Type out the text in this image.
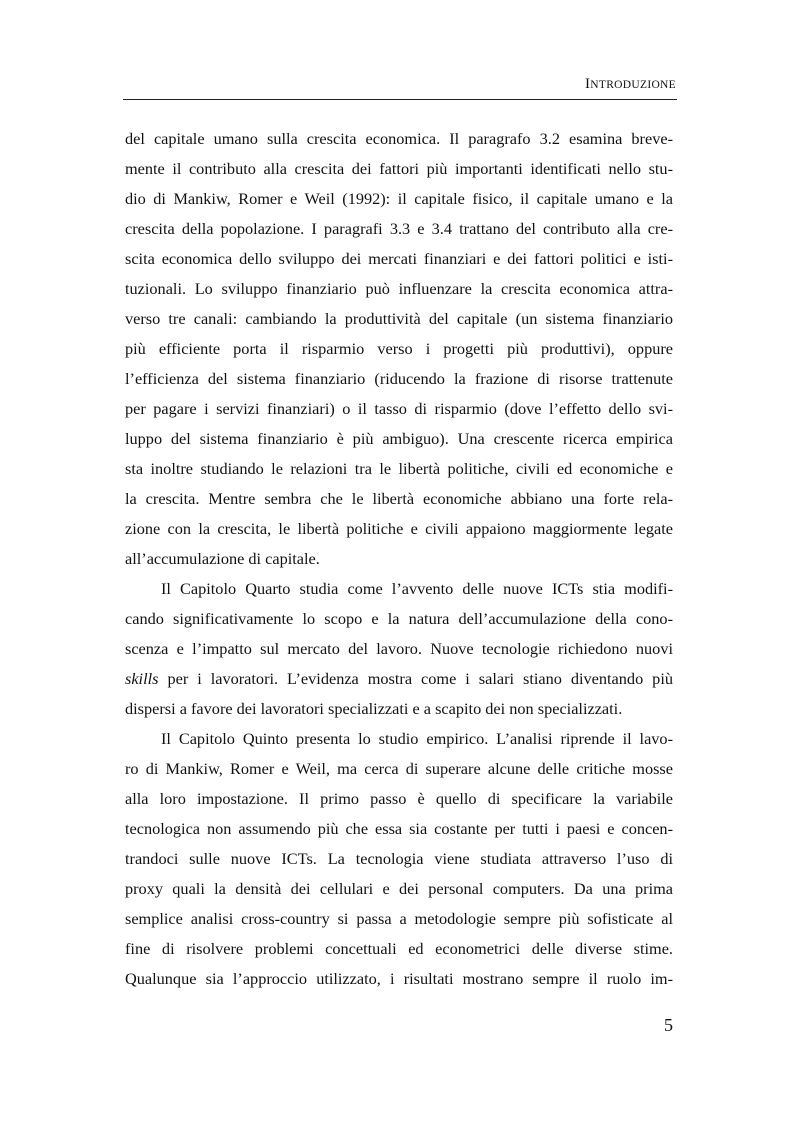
INTRODUZIONE

del capitale umano sulla crescita economica. Il paragrafo 3.2 esamina breve-
mente il contributo alla crescita dei fattori più importanti identificati nello stu-
dio di Mankiw, Romer e Weil (1992): il capitale fisico, il capitale umano e la
crescita della popolazione. I paragrafi 3.3 e 3.4 trattano del contributo alla cre-
scita economica dello sviluppo dei mercati finanziari e dei fattori politici e isti-
tuzionali. Lo sviluppo finanziario può influenzare la crescita economica attra-
verso tre canali: cambiando la produttività del capitale (un sistema finanziario
più efficiente porta il risparmio verso i progetti più produttivi), oppure
l’efficienza del sistema finanziario (riducendo la frazione di risorse trattenute
per pagare i servizi finanziari) o il tasso di risparmio (dove l’effetto dello svi-
luppo del sistema finanziario è più ambiguo). Una crescente ricerca empirica
sta inoltre studiando le relazioni tra le libertà politiche, civili ed economiche e
la crescita. Mentre sembra che le libertà economiche abbiano una forte rela-
zione con la crescita, le libertà politiche e civili appaiono maggiormente legate
all’accumulazione di capitale.

Il Capitolo Quarto studia come l’avvento delle nuove ICTs stia modifi-
cando significativamente lo scopo e la natura dell’accumulazione della cono-
scenza e l’impatto sul mercato del lavoro. Nuove tecnologie richiedono nuovi
skills per i lavoratori. L’evidenza mostra come i salari stiano diventando più
dispersi a favore dei lavoratori specializzati e a scapito dei non specializzati.

Il Capitolo Quinto presenta lo studio empirico. L’analisi riprende il lavo-
ro di Mankiw, Romer e Weil, ma cerca di superare alcune delle critiche mosse
alla loro impostazione. Il primo passo è quello di specificare la variabile
tecnologica non assumendo più che essa sia costante per tutti i paesi e concen-
trandoci sulle nuove ICTs. La tecnologia viene studiata attraverso l’uso di
proxy quali la densità dei cellulari e dei personal computers. Da una prima
semplice analisi cross-country si passa a metodologie sempre più sofisticate al
fine di risolvere problemi concettuali ed econometrici delle diverse stime.
Qualunque sia l’approccio utilizzato, i risultati mostrano sempre il ruolo im-

5
